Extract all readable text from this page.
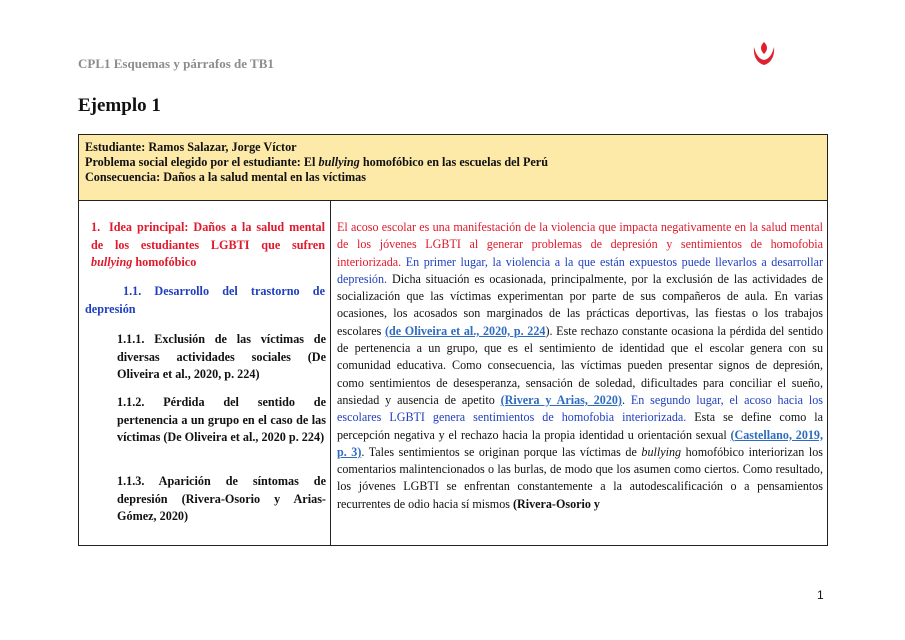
CPL1 Esquemas y párrafos de TB1
Ejemplo 1
Estudiante: Ramos Salazar, Jorge Víctor
Problema social elegido por el estudiante: El bullying homofóbico en las escuelas del Perú
Consecuencia: Daños a la salud mental en las víctimas
1. Idea principal: Daños a la salud mental de los estudiantes LGBTI que sufren bullying homofóbico
1.1. Desarrollo del trastorno de depresión
1.1.1. Exclusión de las víctimas de diversas actividades sociales (De Oliveira et al., 2020, p. 224)
1.1.2. Pérdida del sentido de pertenencia a un grupo en el caso de las víctimas (De Oliveira et al., 2020 p. 224)
1.1.3. Aparición de síntomas de depresión (Rivera-Osorio y Arias-Gómez, 2020)
El acoso escolar es una manifestación de la violencia que impacta negativamente en la salud mental de los jóvenes LGBTI al generar problemas de depresión y sentimientos de homofobia interiorizada. En primer lugar, la violencia a la que están expuestos puede llevarlos a desarrollar depresión. Dicha situación es ocasionada, principalmente, por la exclusión de las actividades de socialización que las víctimas experimentan por parte de sus compañeros de aula. En varias ocasiones, los acosados son marginados de las prácticas deportivas, las fiestas o los trabajos escolares (de Oliveira et al., 2020, p. 224). Este rechazo constante ocasiona la pérdida del sentido de pertenencia a un grupo, que es el sentimiento de identidad que el escolar genera con su comunidad educativa. Como consecuencia, las víctimas pueden presentar signos de depresión, como sentimientos de desesperanza, sensación de soledad, dificultades para conciliar el sueño, ansiedad y ausencia de apetito (Rivera y Arias, 2020). En segundo lugar, el acoso hacia los escolares LGBTI genera sentimientos de homofobia interiorizada. Esta se define como la percepción negativa y el rechazo hacia la propia identidad u orientación sexual (Castellano, 2019, p. 3). Tales sentimientos se originan porque las víctimas de bullying homofóbico interiorizan los comentarios malintencionados o las burlas, de modo que los asumen como ciertos. Como resultado, los jóvenes LGBTI se enfrentan constantemente a la autodescalificación o a pensamientos recurrentes de odio hacia sí mismos (Rivera-Osorio y
1
